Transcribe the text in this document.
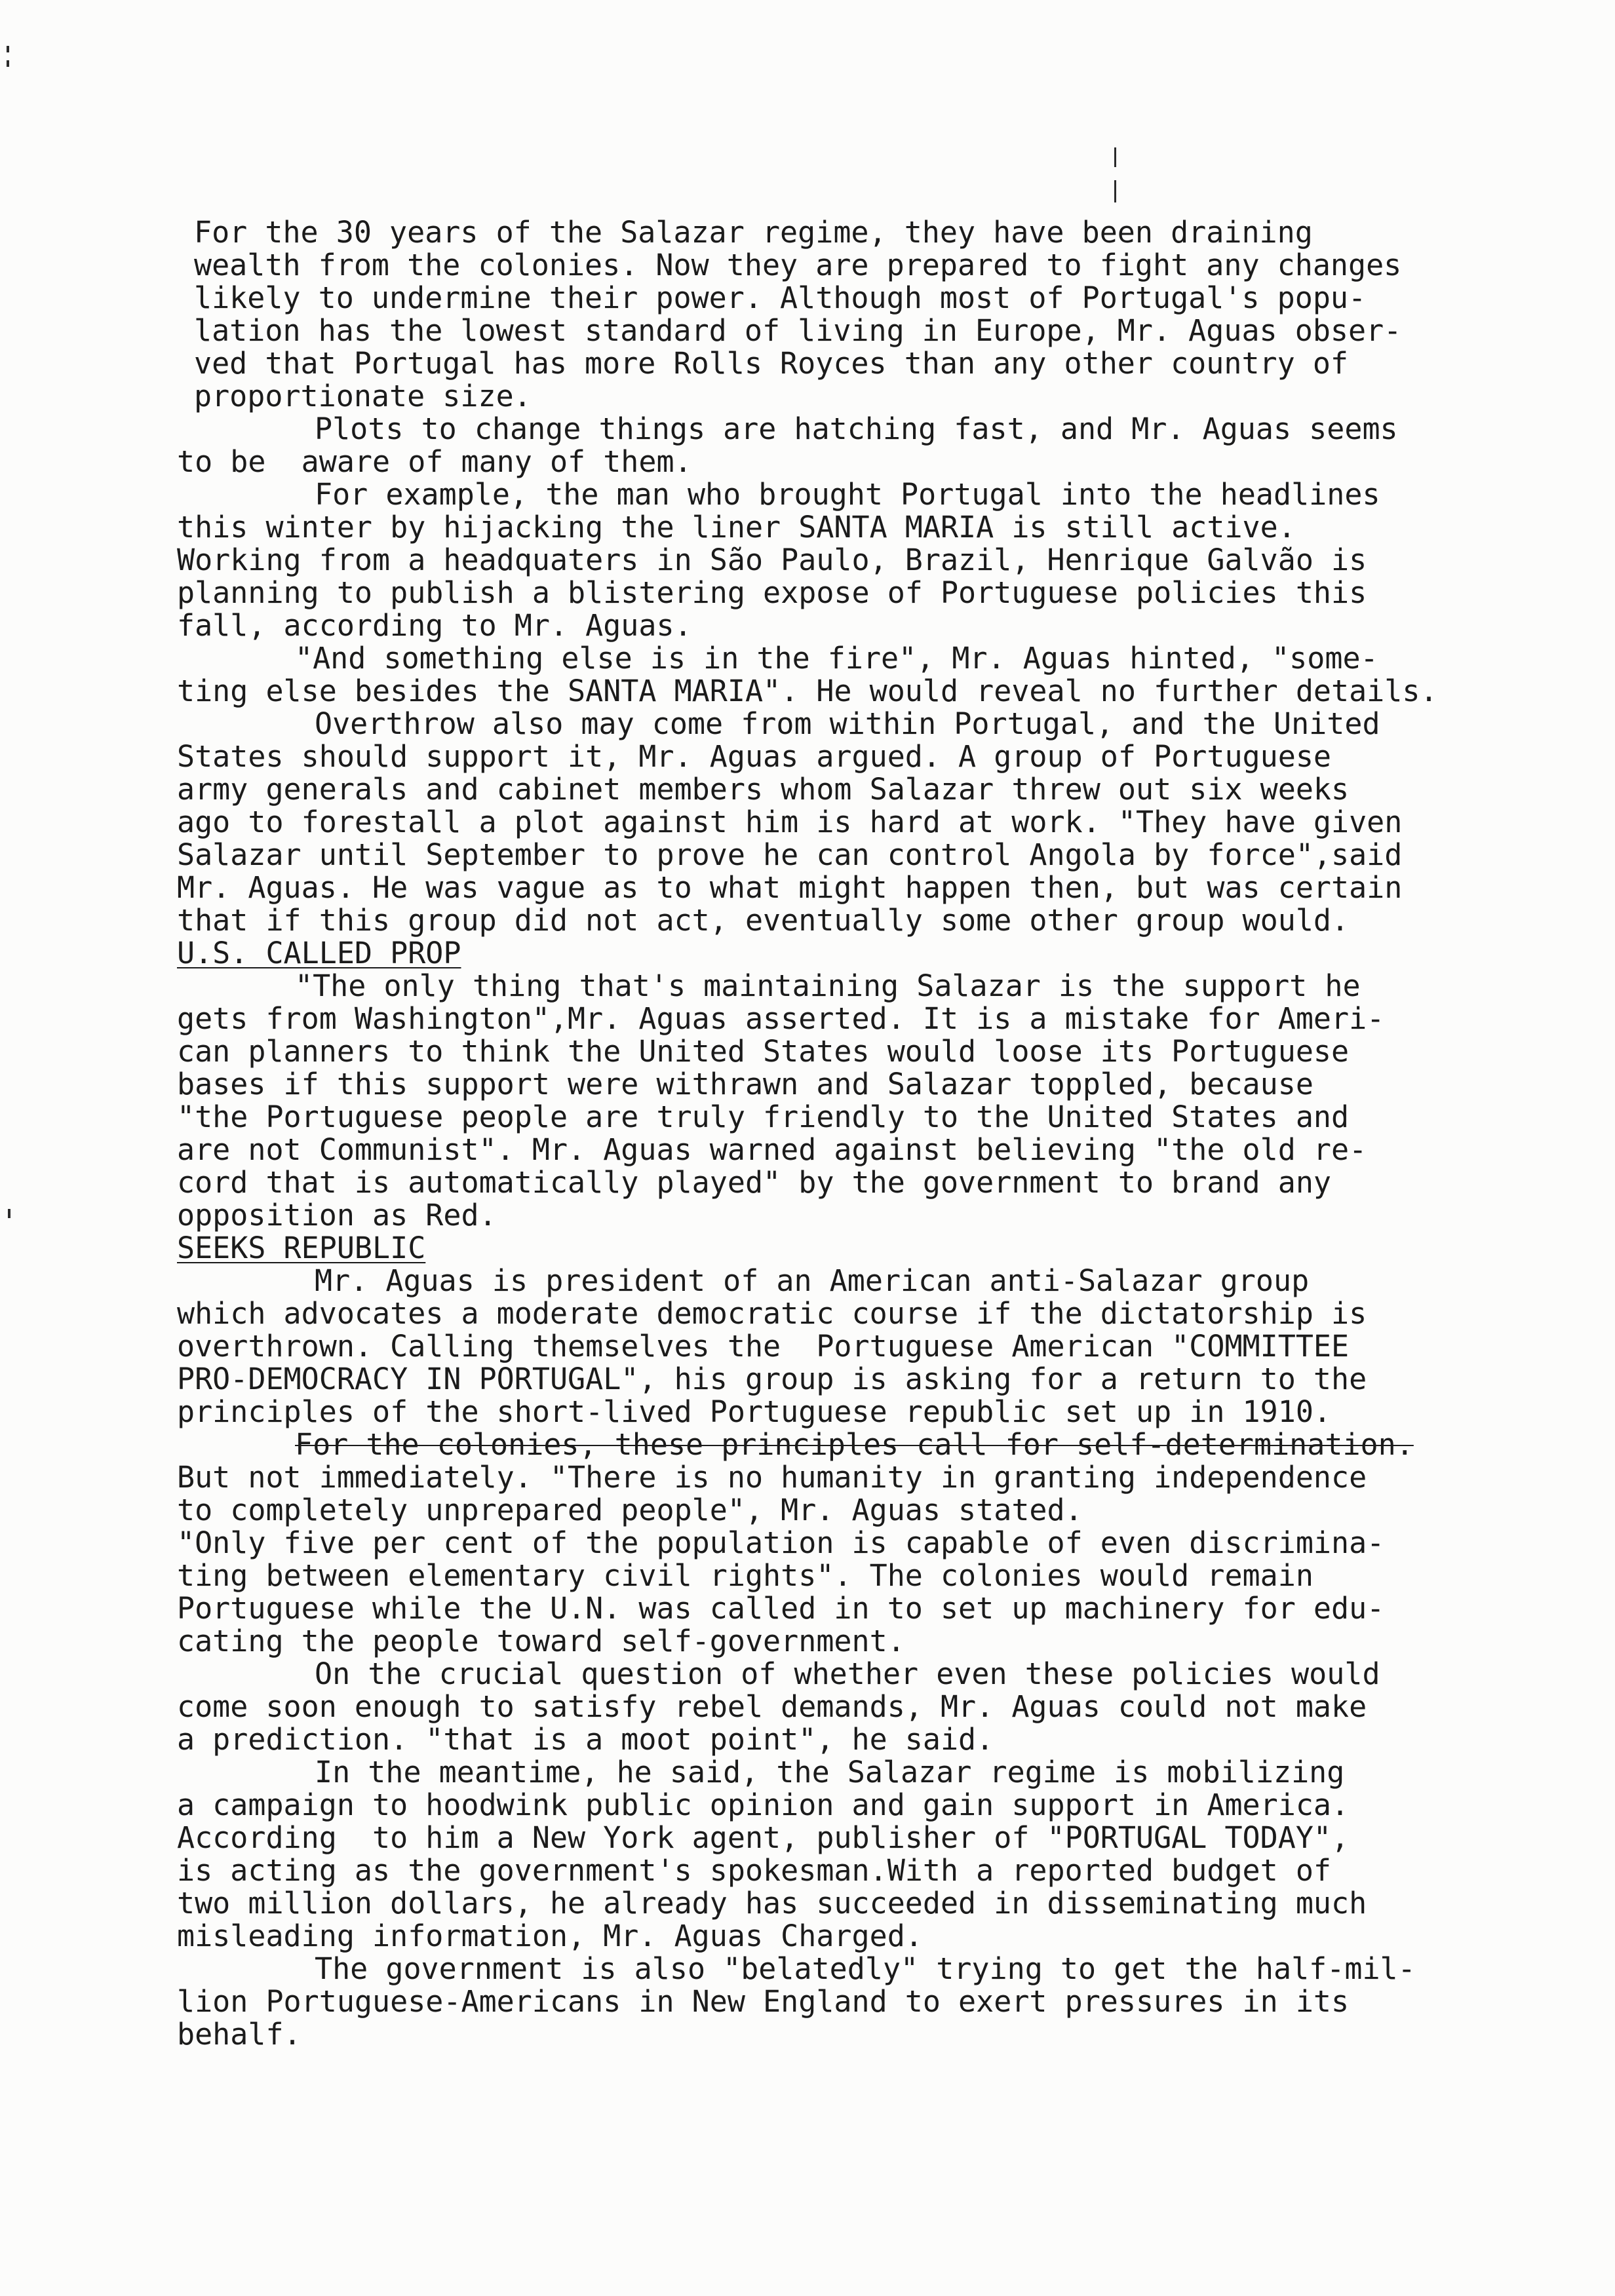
For the 30 years of the Salazar regime, they have been draining
wealth from the colonies. Now they are prepared to fight any changes
likely to undermine their power. Although most of Portugal's popu-
lation has the lowest standard of living in Europe, Mr. Aguas obser-
ved that Portugal has more Rolls Royces than any other country of
proportionate size.
Plots to change things are hatching fast, and Mr. Aguas seems
to be  aware of many of them.
For example, the man who brought Portugal into the headlines
this winter by hijacking the liner SANTA MARIA is still active.
Working from a headquaters in São Paulo, Brazil, Henrique Galvão is
planning to publish a blistering expose of Portuguese policies this
fall, according to Mr. Aguas.
"And something else is in the fire", Mr. Aguas hinted, "some-
ting else besides the SANTA MARIA". He would reveal no further details.
Overthrow also may come from within Portugal, and the United
States should support it, Mr. Aguas argued. A group of Portuguese
army generals and cabinet members whom Salazar threw out six weeks
ago to forestall a plot against him is hard at work. "They have given
Salazar until September to prove he can control Angola by force",said
Mr. Aguas. He was vague as to what might happen then, but was certain
that if this group did not act, eventually some other group would.
U.S. CALLED PROP
"The only thing that's maintaining Salazar is the support he
gets from Washington",Mr. Aguas asserted. It is a mistake for Ameri-
can planners to think the United States would loose its Portuguese
bases if this support were withrawn and Salazar toppled, because
"the Portuguese people are truly friendly to the United States and
are not Communist". Mr. Aguas warned against believing "the old re-
cord that is automatically played" by the government to brand any
opposition as Red.
SEEKS REPUBLIC
Mr. Aguas is president of an American anti-Salazar group
which advocates a moderate democratic course if the dictatorship is
overthrown. Calling themselves the  Portuguese American "COMMITTEE
PRO-DEMOCRACY IN PORTUGAL", his group is asking for a return to the
principles of the short-lived Portuguese republic set up in 1910.
For the colonies, these principles call for self-determination.
But not immediately. "There is no humanity in granting independence
to completely unprepared people", Mr. Aguas stated.
"Only five per cent of the population is capable of even discrimina-
ting between elementary civil rights". The colonies would remain
Portuguese while the U.N. was called in to set up machinery for edu-
cating the people toward self-government.
On the crucial question of whether even these policies would
come soon enough to satisfy rebel demands, Mr. Aguas could not make
a prediction. "that is a moot point", he said.
In the meantime, he said, the Salazar regime is mobilizing
a campaign to hoodwink public opinion and gain support in America.
According  to him a New York agent, publisher of "PORTUGAL TODAY",
is acting as the government's spokesman.With a reported budget of
two million dollars, he already has succeeded in disseminating much
misleading information, Mr. Aguas Charged.
The government is also "belatedly" trying to get the half-mil-
lion Portuguese-Americans in New England to exert pressures in its
behalf.
